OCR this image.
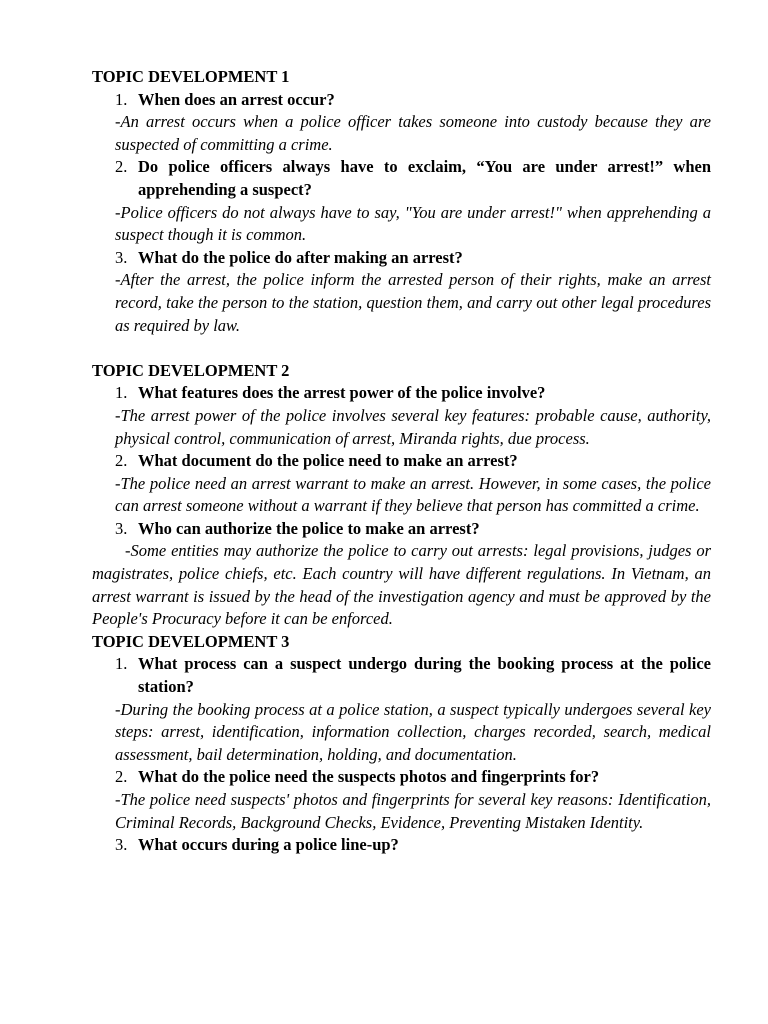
TOPIC DEVELOPMENT 1

1. When does an arrest occur?

-An arrest occurs when a police officer takes someone into custody because they are suspected of committing a crime.

2. Do police officers always have to exclaim, “You are under arrest!” when apprehending a suspect?

-Police officers do not always have to say, "You are under arrest!" when apprehending a suspect though it is common.

3. What do the police do after making an arrest?

-After the arrest, the police inform the arrested person of their rights, make an arrest record, take the person to the station, question them, and carry out other legal procedures as required by law.

TOPIC DEVELOPMENT 2

1. What features does the arrest power of the police involve?

-The arrest power of the police involves several key features: probable cause, authority, physical control, communication of arrest, Miranda rights, due process.

2. What document do the police need to make an arrest?

-The police need an arrest warrant to make an arrest. However, in some cases, the police can arrest someone without a warrant if they believe that person has committed a crime.

3. Who can authorize the police to make an arrest?

-Some entities may authorize the police to carry out arrests: legal provisions, judges or magistrates, police chiefs, etc. Each country will have different regulations. In Vietnam, an arrest warrant is issued by the head of the investigation agency and must be approved by the People's Procuracy before it can be enforced.

TOPIC DEVELOPMENT 3

1. What process can a suspect undergo during the booking process at the police station?

-During the booking process at a police station, a suspect typically undergoes several key steps: arrest, identification, information collection, charges recorded, search, medical assessment, bail determination, holding, and documentation.

2. What do the police need the suspects photos and fingerprints for?

-The police need suspects' photos and fingerprints for several key reasons: Identification, Criminal Records, Background Checks, Evidence, Preventing Mistaken Identity.

3. What occurs during a police line-up?
